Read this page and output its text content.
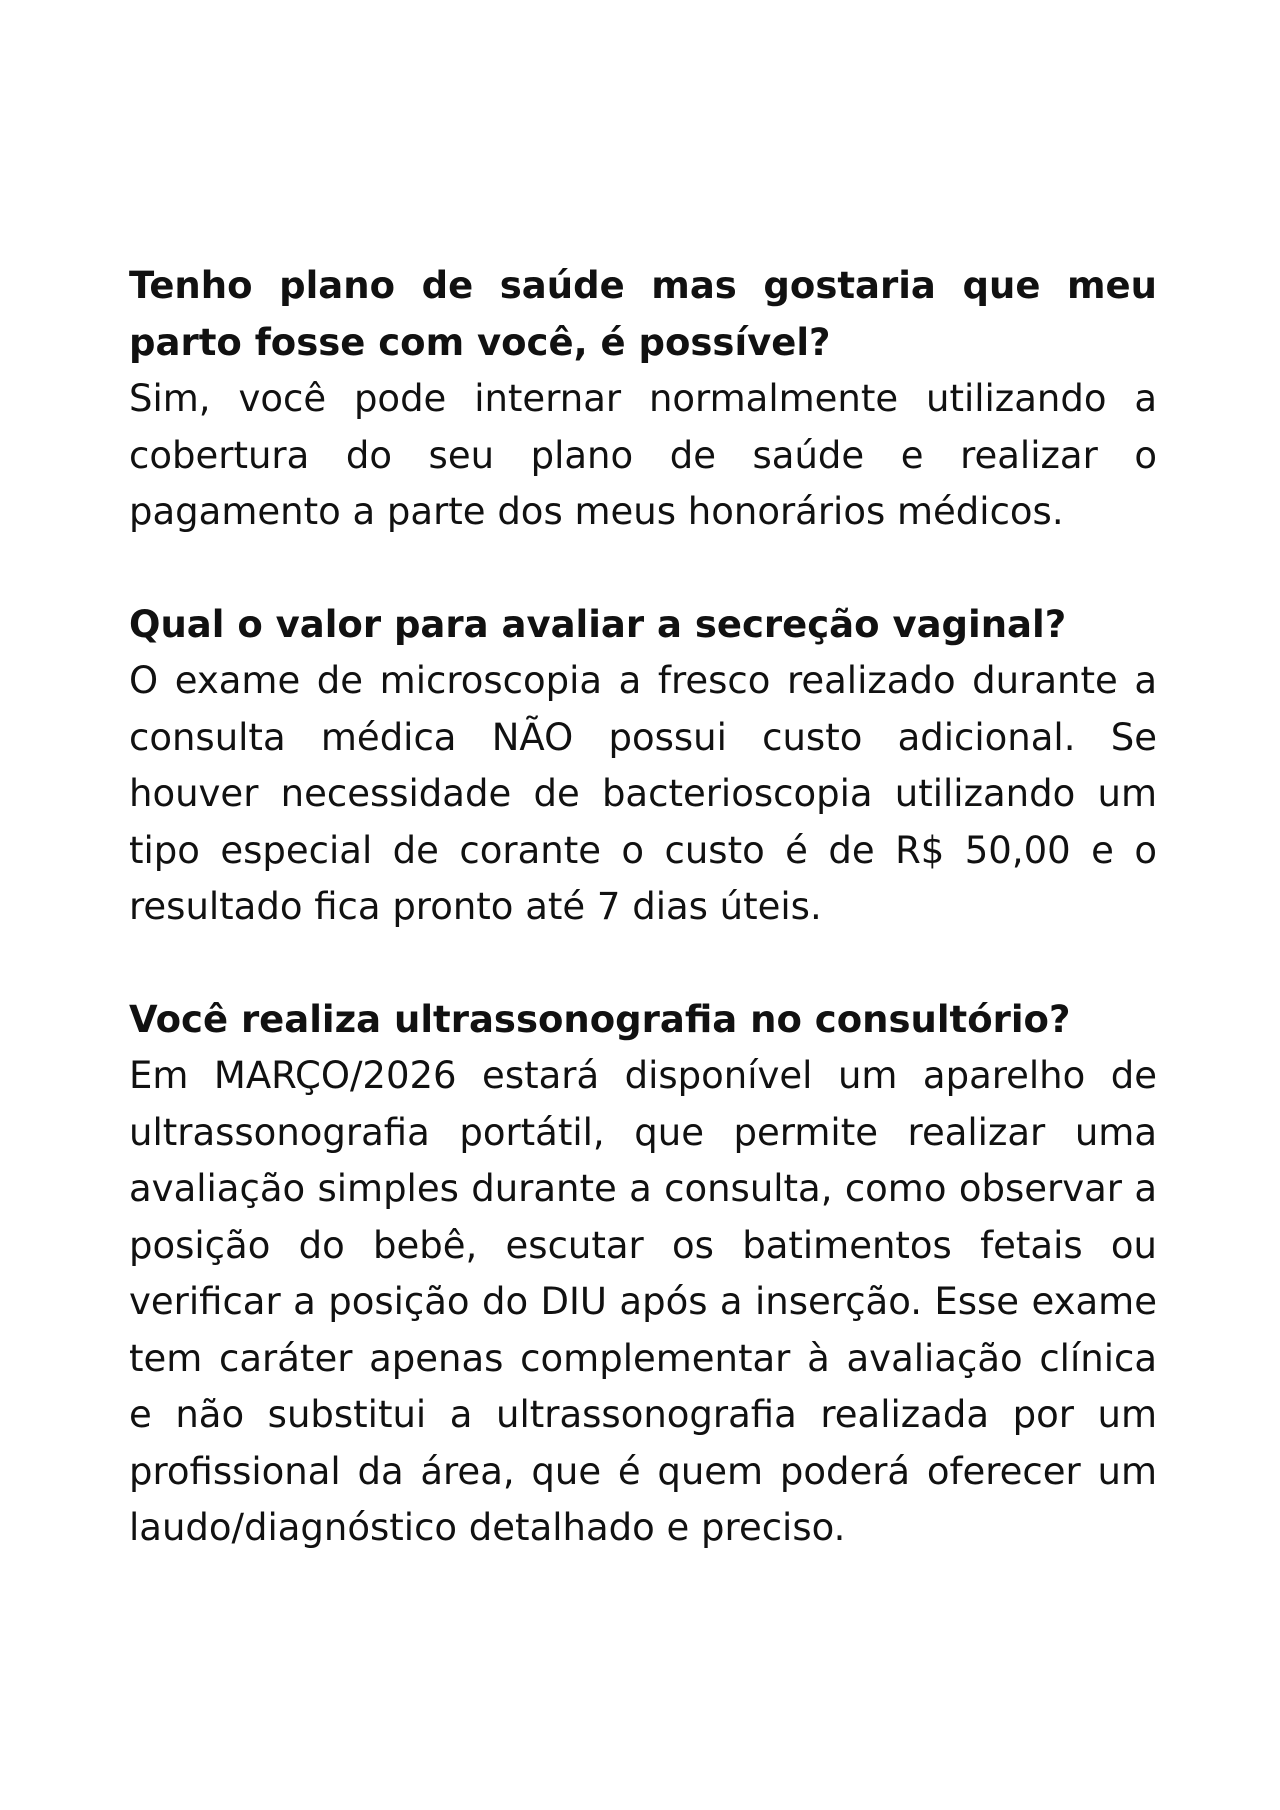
Tenho plano de saúde mas gostaria que meu parto fosse com você, é possível?

Sim, você pode internar normalmente utilizando a cobertura do seu plano de saúde e realizar o pagamento a parte dos meus honorários médicos.

Qual o valor para avaliar a secreção vaginal?

O exame de microscopia a fresco realizado durante a consulta médica NÃO possui custo adicional. Se houver necessidade de bacterioscopia utilizando um tipo especial de corante o custo é de R$ 50,00 e o resultado fica pronto até 7 dias úteis.

Você realiza ultrassonografia no consultório?

Em MARÇO/2026 estará disponível um aparelho de ultrassonografia portátil, que permite realizar uma avaliação simples durante a consulta, como observar a posição do bebê, escutar os batimentos fetais ou verificar a posição do DIU após a inserção. Esse exame tem caráter apenas complementar à avaliação clínica e não substitui a ultrassonografia realizada por um profissional da área, que é quem poderá oferecer um laudo/diagnóstico detalhado e preciso.
